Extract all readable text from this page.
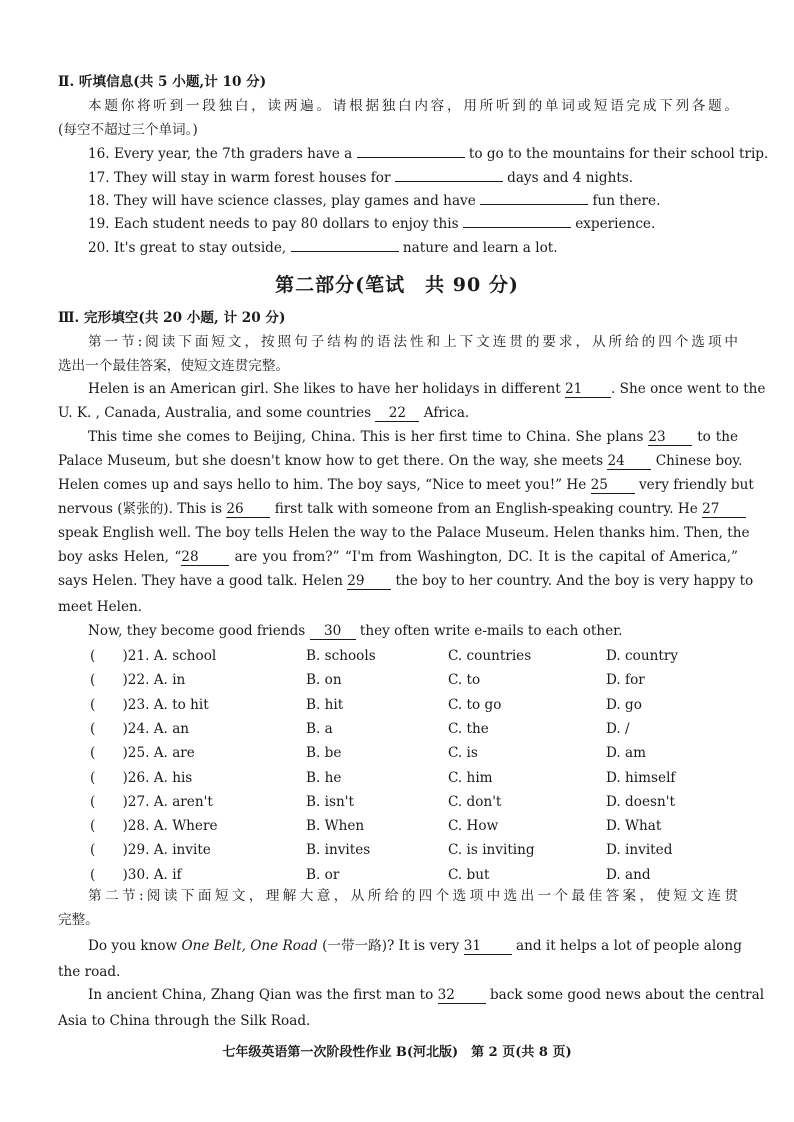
Ⅱ. 听填信息(共 5 小题,计 10 分)
本题你将听到一段独白，读两遍。请根据独白内容，用所听到的单词或短语完成下列各题。
(每空不超过三个单词。)
16. Every year, the 7th graders have a	to go to the mountains for their school trip.
17. They will stay in warm forest houses for	days and 4 nights.
18. They will have science classes, play games and have	fun there.
19. Each student needs to pay 80 dollars to enjoy this	experience.
20. It's great to stay outside,	nature and learn a lot.
第二部分(笔试　共 90 分)
Ⅲ. 完形填空(共 20 小题, 计 20 分)
第一节:阅读下面短文，按照句子结构的语法性和上下文连贯的要求，从所给的四个选项中
选出一个最佳答案，使短文连贯完整。
Helen is an American girl. She likes to have her holidays in different 21 . She once went to the
U. K. , Canada, Australia, and some countries 22 Africa.
This time she comes to Beijing, China. This is her first time to China. She plans 23 to the
Palace Museum, but she doesn't know how to get there. On the way, she meets 24 Chinese boy.
Helen comes up and says hello to him. The boy says, “Nice to meet you!” He 25 very friendly but
nervous (紧张的). This is 26 first talk with someone from an English-speaking country. He 27
speak English well. The boy tells Helen the way to the Palace Museum. Helen thanks him. Then, the
boy asks Helen, “28	are you from?” “I'm from Washington, DC. It is the capital of America,”
says Helen. They have a good talk. Helen 29 the boy to her country. And the boy is very happy to
meet Helen.
Now, they become good friends 30 they often write e-mails to each other.
(　　)21. A. school	B. schools	C. countries	D. country
(　　)22. A. in	B. on	C. to	D. for
(　　)23. A. to hit	B. hit	C. to go	D. go
(　　)24. A. an	B. a	C. the	D. /
(　　)25. A. are	B. be	C. is	D. am
(　　)26. A. his	B. he	C. him	D. himself
(　　)27. A. aren't	B. isn't	C. don't	D. doesn't
(　　)28. A. Where	B. When	C. How	D. What
(　　)29. A. invite	B. invites	C. is inviting	D. invited
(　　)30. A. if	B. or	C. but	D. and
第二节:阅读下面短文，理解大意，从所给的四个选项中选出一个最佳答案，使短文连贯
完整。
Do you know One Belt, One Road (一带一路)? It is very 31	and it helps a lot of people along
the road.
In ancient China, Zhang Qian was the first man to 32	back some good news about the central
Asia to China through the Silk Road.
七年级英语第一次阶段性作业 B(河北版)　第 2 页(共 8 页)
